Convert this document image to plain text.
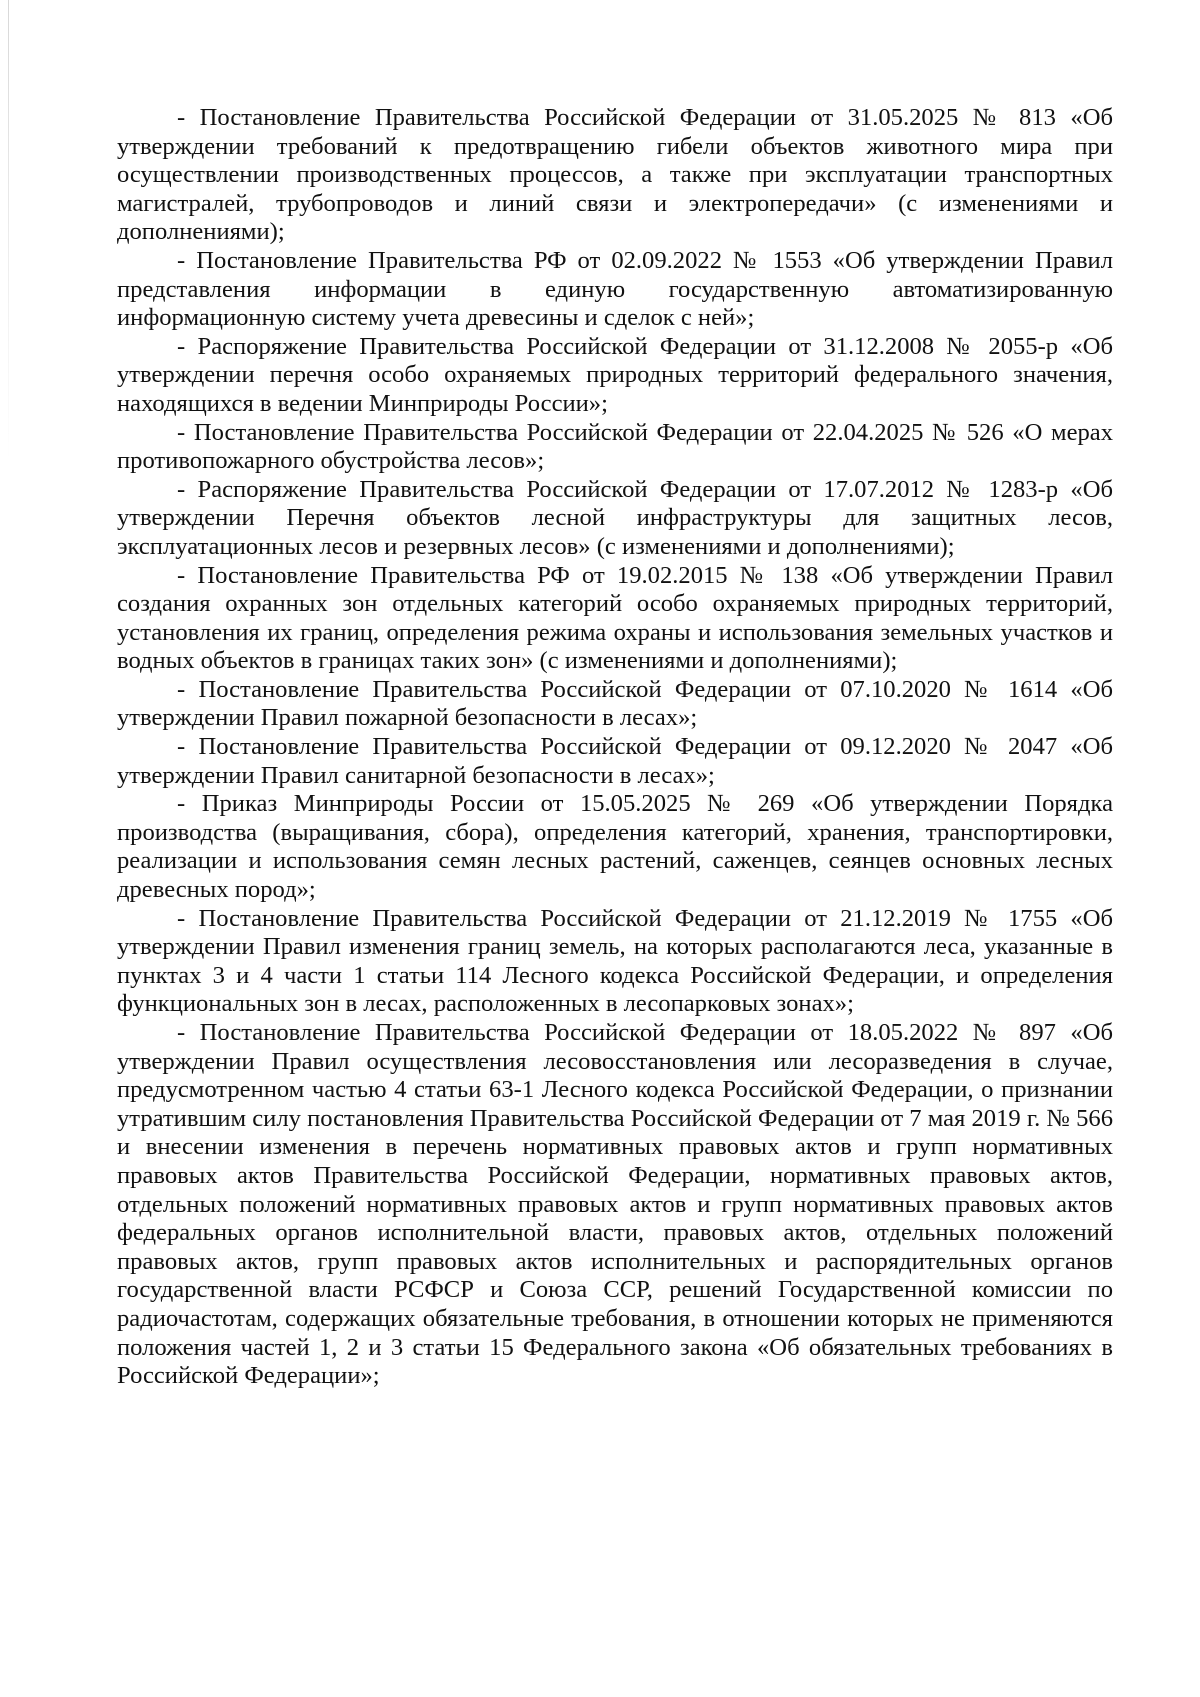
- Постановление Правительства Российской Федерации от 31.05.2025 № 813 «Об утверждении требований к предотвращению гибели объектов животного мира при осуществлении производственных процессов, а также при эксплуатации транспортных магистралей, трубопроводов и линий связи и электропередачи» (с изменениями и дополнениями);

- Постановление Правительства РФ от 02.09.2022 № 1553 «Об утверждении Правил представления информации в единую государственную автоматизированную информационную систему учета древесины и сделок с ней»;

- Распоряжение Правительства Российской Федерации от 31.12.2008 № 2055-р «Об утверждении перечня особо охраняемых природных территорий федерального значения, находящихся в ведении Минприроды России»;

- Постановление Правительства Российской Федерации от 22.04.2025 № 526 «О мерах противопожарного обустройства лесов»;

- Распоряжение Правительства Российской Федерации от 17.07.2012 № 1283-р «Об утверждении Перечня объектов лесной инфраструктуры для защитных лесов, эксплуатационных лесов и резервных лесов» (с изменениями и дополнениями);

- Постановление Правительства РФ от 19.02.2015 № 138 «Об утверждении Правил создания охранных зон отдельных категорий особо охраняемых природных территорий, установления их границ, определения режима охраны и использования земельных участков и водных объектов в границах таких зон» (с изменениями и дополнениями);

- Постановление Правительства Российской Федерации от 07.10.2020 № 1614 «Об утверждении Правил пожарной безопасности в лесах»;

- Постановление Правительства Российской Федерации от 09.12.2020 № 2047 «Об утверждении Правил санитарной безопасности в лесах»;

- Приказ Минприроды России от 15.05.2025 № 269 «Об утверждении Порядка производства (выращивания, сбора), определения категорий, хранения, транспортировки, реализации и использования семян лесных растений, саженцев, сеянцев основных лесных древесных пород»;

- Постановление Правительства Российской Федерации от 21.12.2019 № 1755 «Об утверждении Правил изменения границ земель, на которых располагаются леса, указанные в пунктах 3 и 4 части 1 статьи 114 Лесного кодекса Российской Федерации, и определения функциональных зон в лесах, расположенных в лесопарковых зонах»;

- Постановление Правительства Российской Федерации от 18.05.2022 № 897 «Об утверждении Правил осуществления лесовосстановления или лесоразведения в случае, предусмотренном частью 4 статьи 63-1 Лесного кодекса Российской Федерации, о признании утратившим силу постановления Правительства Российской Федерации от 7 мая 2019 г. № 566 и внесении изменения в перечень нормативных правовых актов и групп нормативных правовых актов Правительства Российской Федерации, нормативных правовых актов, отдельных положений нормативных правовых актов и групп нормативных правовых актов федеральных органов исполнительной власти, правовых актов, отдельных положений правовых актов, групп правовых актов исполнительных и распорядительных органов государственной власти РСФСР и Союза ССР, решений Государственной комиссии по радиочастотам, содержащих обязательные требования, в отношении которых не применяются положения частей 1, 2 и 3 статьи 15 Федерального закона «Об обязательных требованиях в Российской Федерации»;
